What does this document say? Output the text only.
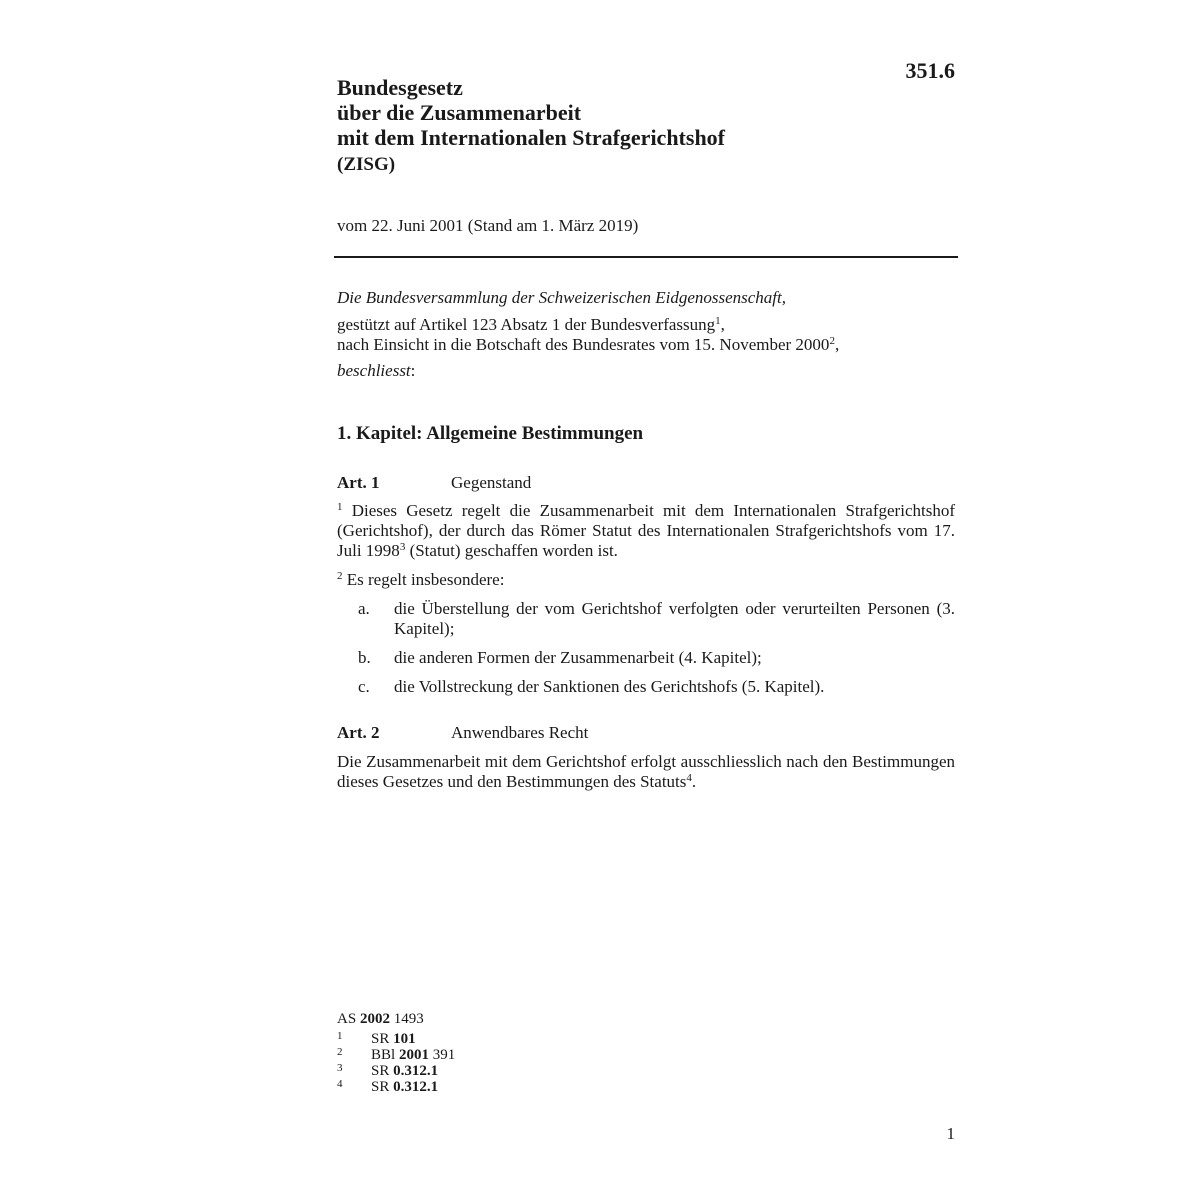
351.6
Bundesgesetz
über die Zusammenarbeit
mit dem Internationalen Strafgerichtshof
(ZISG)
vom 22. Juni 2001 (Stand am 1. März 2019)
Die Bundesversammlung der Schweizerischen Eidgenossenschaft,
gestützt auf Artikel 123 Absatz 1 der Bundesverfassung$^1$,
nach Einsicht in die Botschaft des Bundesrates vom 15. November 2000$^2$,
beschliesst:
1. Kapitel: Allgemeine Bestimmungen
Art. 1	Gegenstand
$^1$ Dieses Gesetz regelt die Zusammenarbeit mit dem Internationalen Strafgerichtshof (Gerichtshof), der durch das Römer Statut des Internationalen Strafgerichtshofs vom 17. Juli 1998$^3$ (Statut) geschaffen worden ist.
$^2$ Es regelt insbesondere:
a. die Überstellung der vom Gerichtshof verfolgten oder verurteilten Personen (3. Kapitel);
b. die anderen Formen der Zusammenarbeit (4. Kapitel);
c. die Vollstreckung der Sanktionen des Gerichtshofs (5. Kapitel).
Art. 2	Anwendbares Recht
Die Zusammenarbeit mit dem Gerichtshof erfolgt ausschliesslich nach den Bestimmungen dieses Gesetzes und den Bestimmungen des Statuts$^4$.
AS 2002 1493
1 SR 101
2 BBl 2001 391
3 SR 0.312.1
4 SR 0.312.1
1
